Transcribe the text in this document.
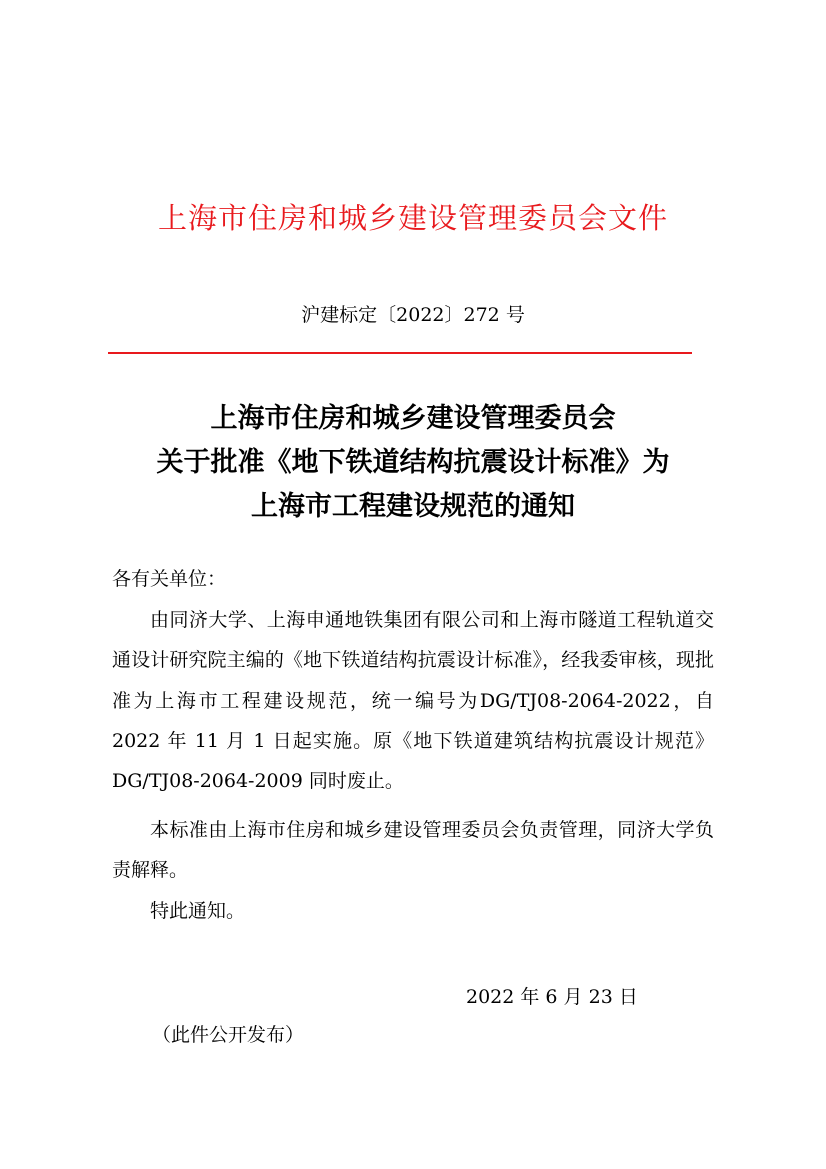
上海市住房和城乡建设管理委员会文件
沪建标定〔2022〕272 号
上海市住房和城乡建设管理委员会
关于批准《地下铁道结构抗震设计标准》为
上海市工程建设规范的通知
各有关单位：
由同济大学、上海申通地铁集团有限公司和上海市隧道工程轨道交通设计研究院主编的《地下铁道结构抗震设计标准》，经我委审核，现批准为上海市工程建设规范，统一编号为DG/TJ08-2064-2022，自 2022 年 11 月 1 日起实施。原《地下铁道建筑结构抗震设计规范》DG/TJ08-2064-2009 同时废止。
本标准由上海市住房和城乡建设管理委员会负责管理，同济大学负责解释。
特此通知。
2022 年 6 月 23 日
（此件公开发布）
